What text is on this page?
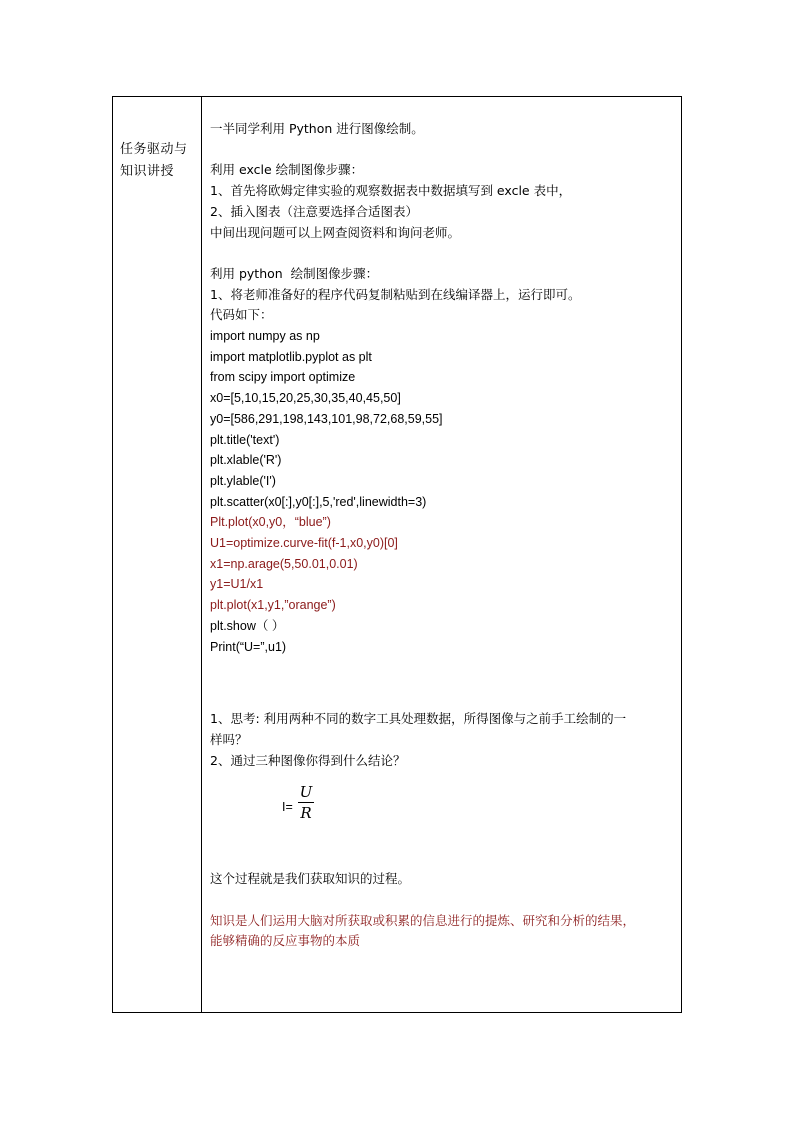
任务驱动与
知识讲授

一半同学利用 Python 进行图像绘制。

利用 excle 绘制图像步骤：

1、首先将欧姆定律实验的观察数据表中数据填写到 excle 表中，

2、插入图表（注意要选择合适图表）

中间出现问题可以上网查阅资料和询问老师。

利用 python  绘制图像步骤：

1、将老师准备好的程序代码复制粘贴到在线编译器上，运行即可。

代码如下：

import numpy as np

import matplotlib.pyplot as plt

from scipy import optimize

x0=[5,10,15,20,25,30,35,40,45,50]

y0=[586,291,198,143,101,98,72,68,59,55]

plt.title('text')

plt.xlable('R')

plt.ylable('I')

plt.scatter(x0[:],y0[:],5,'red',linewidth=3)

Plt.plot(x0,y0，“blue”)

U1=optimize.curve-fit(f-1,x0,y0)[0]

x1=np.arage(5,50.01,0.01)

y1=U1/x1

plt.plot(x1,y1,”orange”)

plt.show（ ）

Print(“U=”,u1)

1、思考: 利用两种不同的数字工具处理数据，所得图像与之前手工绘制的一

样吗？

2、通过三种图像你得到什么结论？

I=
U
R

这个过程就是我们获取知识的过程。

知识是人们运用大脑对所获取或积累的信息进行的提炼、研究和分析的结果，

能够精确的反应事物的本质
